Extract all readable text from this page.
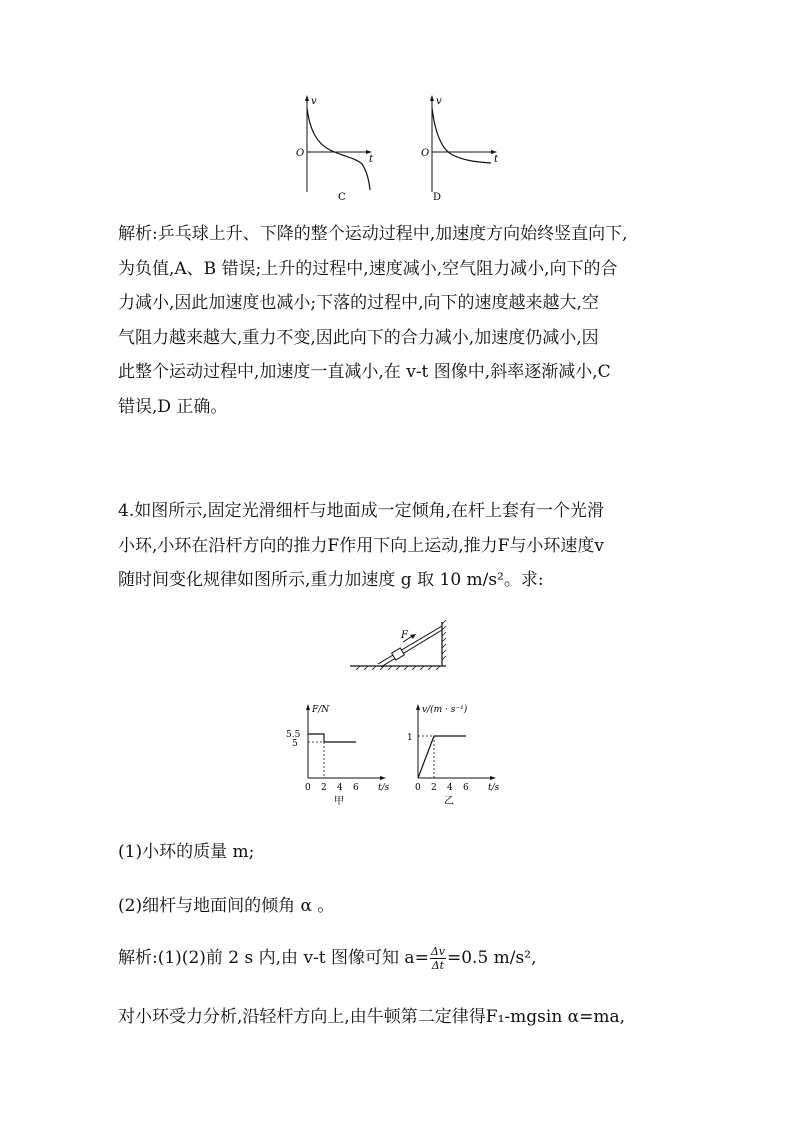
v
t
O
C
v
t
O
D
解析:乒乓球上升、下降的整个运动过程中,加速度方向始终竖直向下,
为负值,A、B 错误;上升的过程中,速度减小,空气阻力减小,向下的合
力减小,因此加速度也减小;下落的过程中,向下的速度越来越大,空
气阻力越来越大,重力不变,因此向下的合力减小,加速度仍减小,因
此整个运动过程中,加速度一直减小,在 v-t 图像中,斜率逐渐减小,C
错误,D 正确。
4.如图所示,固定光滑细杆与地面成一定倾角,在杆上套有一个光滑
小环,小环在沿杆方向的推力F作用下向上运动,推力F与小环速度v
随时间变化规律如图所示,重力加速度 g 取 10 m/s²。求:
F
F/N
t/s
5.5
5
0 2 4 6
甲
v/(m · s⁻¹)
t/s
1
0 2 4 6
乙
(1)小环的质量 m;
(2)细杆与地面间的倾角 α 。
解析:(1)(2)前 2 s 内,由 v-t 图像可知 $a= \frac{\Delta v}{\Delta t} =0.5$ m/s²,
对小环受力分析,沿轻杆方向上,由牛顿第二定律得F₁-mgsin α=ma,
